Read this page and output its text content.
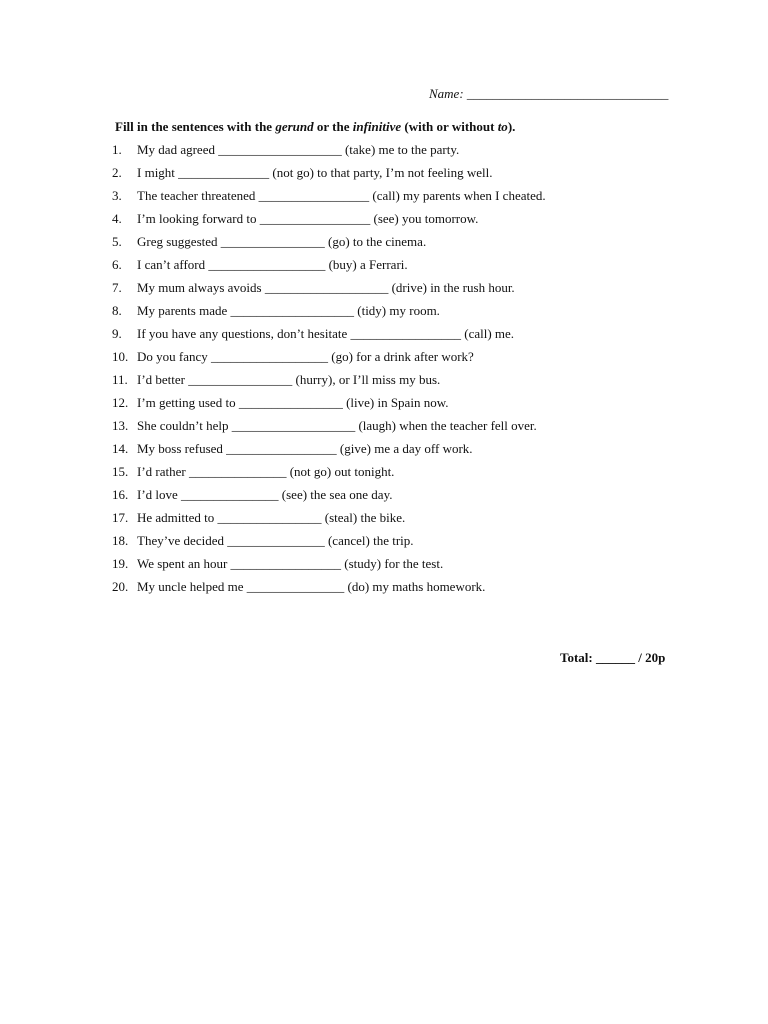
Name: _______________________________
Fill in the sentences with the gerund or the infinitive (with or without to).
1. My dad agreed ___________________ (take) me to the party.
2. I might ______________ (not go) to that party, I’m not feeling well.
3. The teacher threatened _________________ (call) my parents when I cheated.
4. I’m looking forward to _________________ (see) you tomorrow.
5. Greg suggested ________________ (go) to the cinema.
6. I can’t afford __________________ (buy) a Ferrari.
7. My mum always avoids ___________________ (drive) in the rush hour.
8. My parents made ___________________ (tidy) my room.
9. If you have any questions, don’t hesitate _________________ (call) me.
10. Do you fancy __________________ (go) for a drink after work?
11. I’d better ________________ (hurry), or I’ll miss my bus.
12. I’m getting used to ________________ (live) in Spain now.
13. She couldn’t help ___________________ (laugh) when the teacher fell over.
14. My boss refused _________________ (give) me a day off work.
15. I’d rather _______________ (not go) out tonight.
16. I’d love _______________ (see) the sea one day.
17. He admitted to ________________ (steal) the bike.
18. They’ve decided _______________ (cancel) the trip.
19. We spent an hour _________________ (study) for the test.
20. My uncle helped me _______________ (do) my maths homework.
Total: ______ / 20p
